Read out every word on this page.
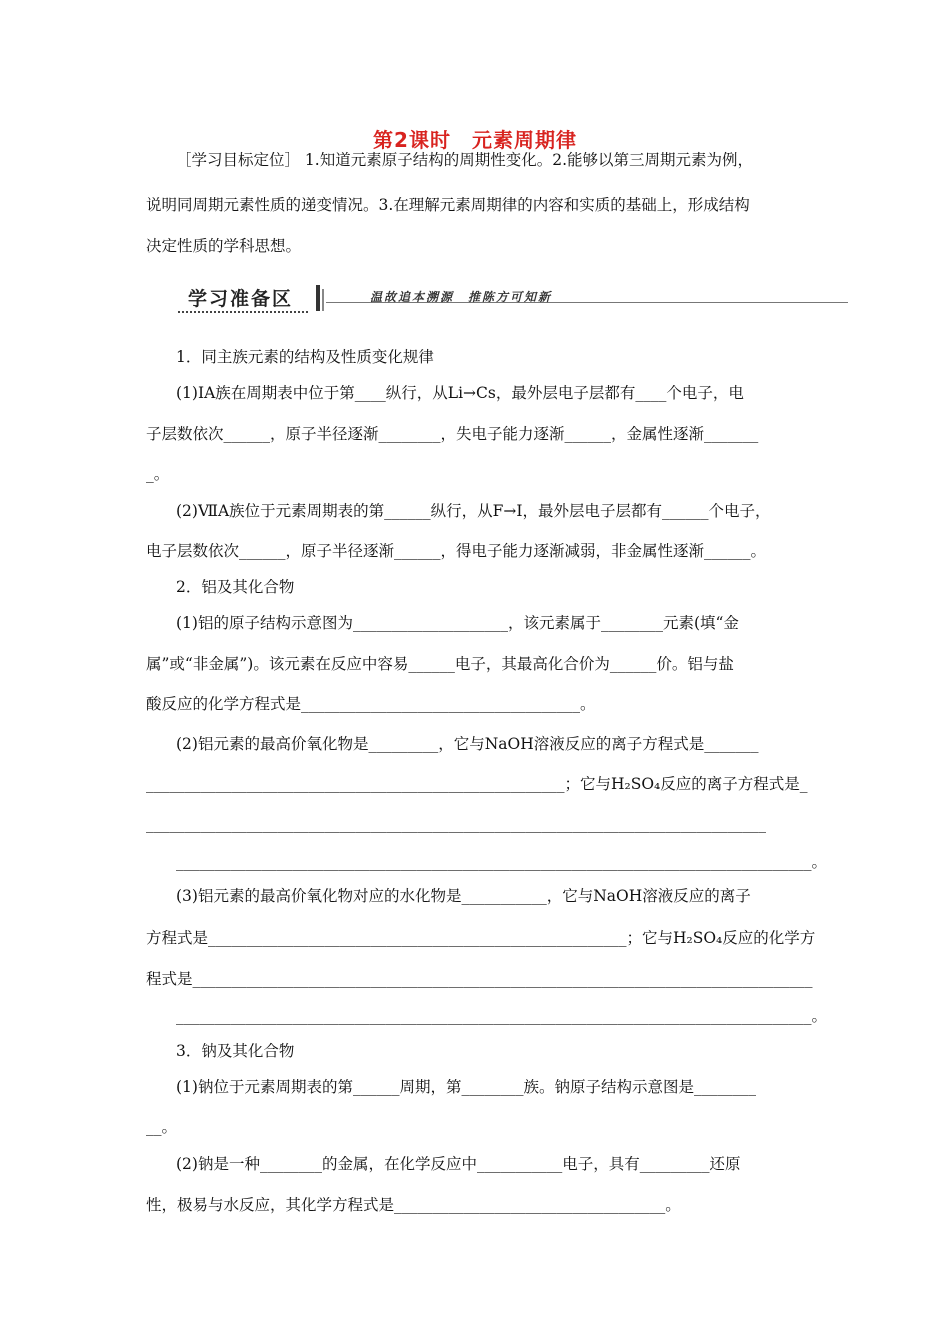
第2课时　元素周期律
［学习目标定位］ 1.知道元素原子结构的周期性变化。2.能够以第三周期元素为例，
说明同周期元素性质的递变情况。3.在理解元素周期律的内容和实质的基础上，形成结构
决定性质的学科思想。
学习准备区	温故追本溯源　推陈方可知新
1．同主族元素的结构及性质变化规律
(1)ⅠA族在周期表中位于第____纵行，从Li→Cs，最外层电子层都有____个电子，电
子层数依次______，原子半径逐渐________，失电子能力逐渐______，金属性逐渐_______
_。
(2)ⅦA族位于元素周期表的第______纵行，从F→I，最外层电子层都有______个电子，
电子层数依次______，原子半径逐渐______，得电子能力逐渐减弱，非金属性逐渐______。
2．铝及其化合物
(1)铝的原子结构示意图为____________________，该元素属于________元素(填“金
属”或“非金属”)。该元素在反应中容易______电子，其最高化合价为______价。铝与盐
酸反应的化学方程式是____________________________________。
(2)铝元素的最高价氧化物是_________，它与NaOH溶液反应的离子方程式是_______
______________________________________________________；它与H₂SO₄反应的离子方程式是_
________________________________________________________________________________
__________________________________________________________________________________。
(3)铝元素的最高价氧化物对应的水化物是___________，它与NaOH溶液反应的离子
方程式是______________________________________________________；它与H₂SO₄反应的化学方
程式是________________________________________________________________________________
__________________________________________________________________________________。
3．钠及其化合物
(1)钠位于元素周期表的第______周期，第________族。钠原子结构示意图是________
__。
(2)钠是一种________的金属，在化学反应中___________电子，具有_________还原
性，极易与水反应，其化学方程式是___________________________________。
